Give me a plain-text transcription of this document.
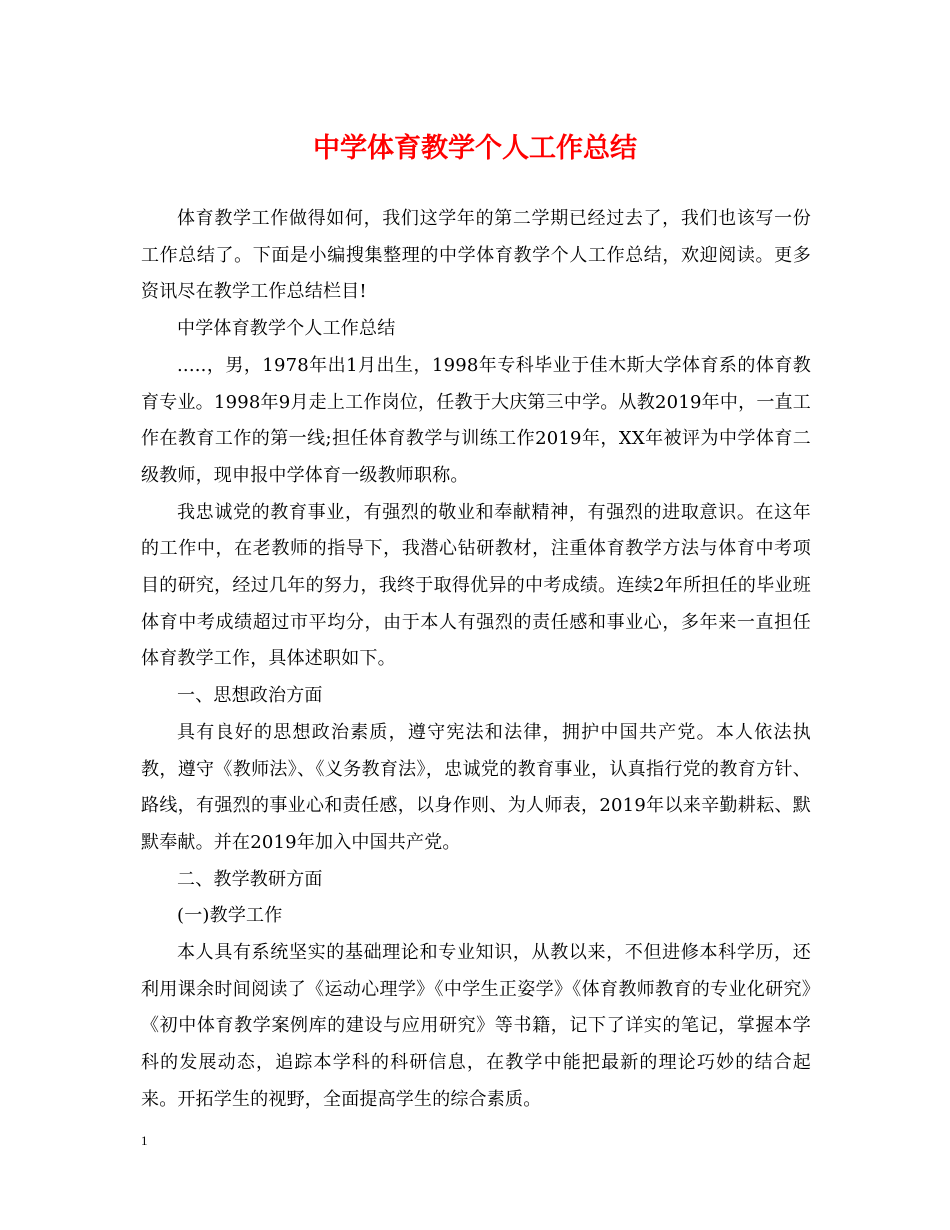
中学体育教学个人工作总结

体育教学工作做得如何，我们这学年的第二学期已经过去了，我们也该写一份工作总结了。下面是小编搜集整理的中学体育教学个人工作总结，欢迎阅读。更多资讯尽在教学工作总结栏目!

中学体育教学个人工作总结

.....，男，1978年出1月出生，1998年专科毕业于佳木斯大学体育系的体育教育专业。1998年9月走上工作岗位，任教于大庆第三中学。从教2019年中，一直工作在教育工作的第一线;担任体育教学与训练工作2019年，XX年被评为中学体育二级教师，现申报中学体育一级教师职称。

我忠诚党的教育事业，有强烈的敬业和奉献精神，有强烈的进取意识。在这年的工作中，在老教师的指导下，我潜心钻研教材，注重体育教学方法与体育中考项目的研究，经过几年的努力，我终于取得优异的中考成绩。连续2年所担任的毕业班体育中考成绩超过市平均分，由于本人有强烈的责任感和事业心，多年来一直担任体育教学工作，具体述职如下。

一、思想政治方面

具有良好的思想政治素质，遵守宪法和法律，拥护中国共产党。本人依法执教，遵守《教师法》、《义务教育法》，忠诚党的教育事业，认真指行党的教育方针、路线，有强烈的事业心和责任感，以身作则、为人师表，2019年以来辛勤耕耘、默默奉献。并在2019年加入中国共产党。

二、教学教研方面

(一)教学工作

本人具有系统坚实的基础理论和专业知识，从教以来，不但进修本科学历，还利用课余时间阅读了《运动心理学》《中学生正姿学》《体育教师教育的专业化研究》《初中体育教学案例库的建设与应用研究》等书籍，记下了详实的笔记，掌握本学科的发展动态，追踪本学科的科研信息，在教学中能把最新的理论巧妙的结合起来。开拓学生的视野，全面提高学生的综合素质。

1
